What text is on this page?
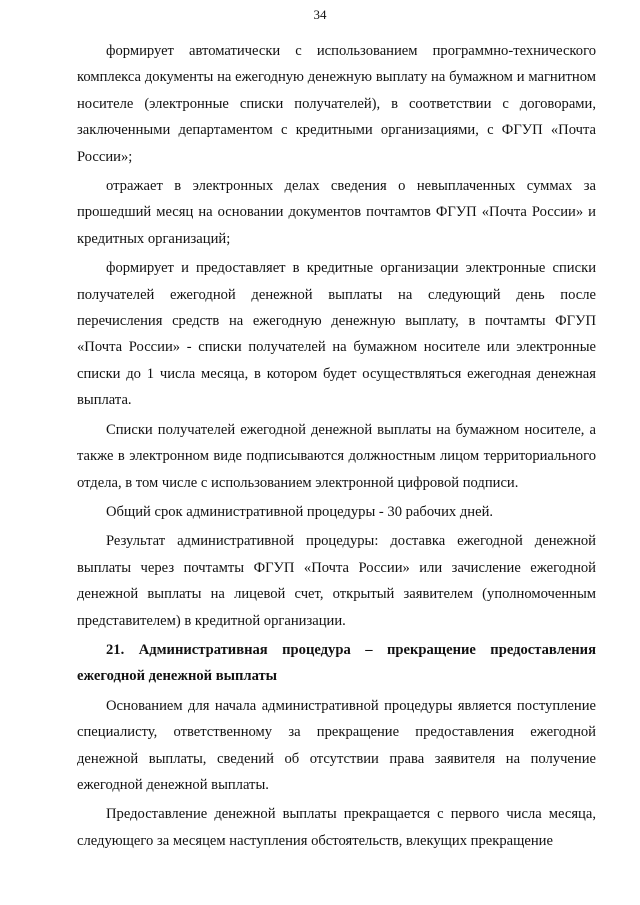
34

формирует автоматически с использованием программно-технического комплекса документы на ежегодную денежную выплату на бумажном и магнитном носителе (электронные списки получателей), в соответствии с договорами, заключенными департаментом с кредитными организациями, с ФГУП «Почта России»;

отражает в электронных делах сведения о невыплаченных суммах за прошедший месяц на основании документов почтамтов ФГУП «Почта России» и кредитных организаций;

формирует и предоставляет в кредитные организации электронные списки получателей ежегодной денежной выплаты на следующий день после перечисления средств на ежегодную денежную выплату, в почтамты ФГУП «Почта России» - списки получателей на бумажном носителе или электронные списки до 1 числа месяца, в котором будет осуществляться ежегодная денежная выплата.

Списки получателей ежегодной денежной выплаты на бумажном носителе, а также в электронном виде подписываются должностным лицом территориального отдела, в том числе с использованием электронной цифровой подписи.

Общий срок административной процедуры - 30 рабочих дней.

Результат административной процедуры: доставка ежегодной денежной выплаты через почтамты ФГУП «Почта России» или зачисление ежегодной денежной выплаты на лицевой счет, открытый заявителем (уполномоченным представителем) в кредитной организации.

21. Административная процедура – прекращение предоставления ежегодной денежной выплаты

Основанием для начала административной процедуры является поступление специалисту, ответственному за прекращение предоставления ежегодной денежной выплаты, сведений об отсутствии права заявителя на получение ежегодной денежной выплаты.

Предоставление денежной выплаты прекращается с первого числа месяца, следующего за месяцем наступления обстоятельств, влекущих прекращение
